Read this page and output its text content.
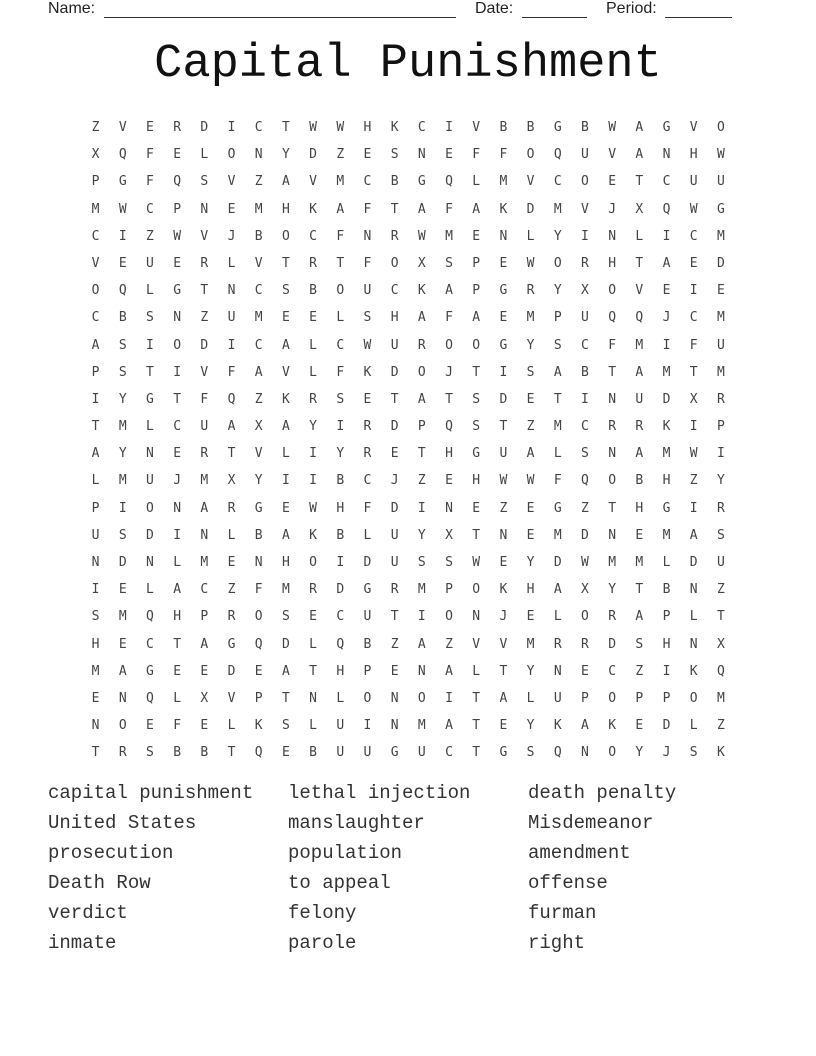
Name:	Date:	Period:
Capital Punishment
Z	V	E	R	D	I	C	T	W	W	H	K	C	I	V	B	B	G	B	W	A	G	V	O
X	Q	F	E	L	O	N	Y	D	Z	E	S	N	E	F	F	O	Q	U	V	A	N	H	W
P	G	F	Q	S	V	Z	A	V	M	C	B	G	Q	L	M	V	C	O	E	T	C	U	U
M	W	C	P	N	E	M	H	K	A	F	T	A	F	A	K	D	M	V	J	X	Q	W	G
C	I	Z	W	V	J	B	O	C	F	N	R	W	M	E	N	L	Y	I	N	L	I	C	M
V	E	U	E	R	L	V	T	R	T	F	O	X	S	P	E	W	O	R	H	T	A	E	D
O	Q	L	G	T	N	C	S	B	O	U	C	K	A	P	G	R	Y	X	O	V	E	I	E
C	B	S	N	Z	U	M	E	E	L	S	H	A	F	A	E	M	P	U	Q	Q	J	C	M
A	S	I	O	D	I	C	A	L	C	W	U	R	O	O	G	Y	S	C	F	M	I	F	U
P	S	T	I	V	F	A	V	L	F	K	D	O	J	T	I	S	A	B	T	A	M	T	M
I	Y	G	T	F	Q	Z	K	R	S	E	T	A	T	S	D	E	T	I	N	U	D	X	R
T	M	L	C	U	A	X	A	Y	I	R	D	P	Q	S	T	Z	M	C	R	R	K	I	P
A	Y	N	E	R	T	V	L	I	Y	R	E	T	H	G	U	A	L	S	N	A	M	W	I
L	M	U	J	M	X	Y	I	I	B	C	J	Z	E	H	W	W	F	Q	O	B	H	Z	Y
P	I	O	N	A	R	G	E	W	H	F	D	I	N	E	Z	E	G	Z	T	H	G	I	R
U	S	D	I	N	L	B	A	K	B	L	U	Y	X	T	N	E	M	D	N	E	M	A	S
N	D	N	L	M	E	N	H	O	I	D	U	S	S	W	E	Y	D	W	M	M	L	D	U
I	E	L	A	C	Z	F	M	R	D	G	R	M	P	O	K	H	A	X	Y	T	B	N	Z
S	M	Q	H	P	R	O	S	E	C	U	T	I	O	N	J	E	L	O	R	A	P	L	T
H	E	C	T	A	G	Q	D	L	Q	B	Z	A	Z	V	V	M	R	R	D	S	H	N	X
M	A	G	E	E	D	E	A	T	H	P	E	N	A	L	T	Y	N	E	C	Z	I	K	Q
E	N	Q	L	X	V	P	T	N	L	O	N	O	I	T	A	L	U	P	O	P	P	O	M
N	O	E	F	E	L	K	S	L	U	I	N	M	A	T	E	Y	K	A	K	E	D	L	Z
T	R	S	B	B	T	Q	E	B	U	U	G	U	C	T	G	S	Q	N	O	Y	J	S	K
capital punishment	lethal injection	death penalty
United States	manslaughter	Misdemeanor
prosecution	population	amendment
Death Row	to appeal	offense
verdict	felony	furman
inmate	parole	right
